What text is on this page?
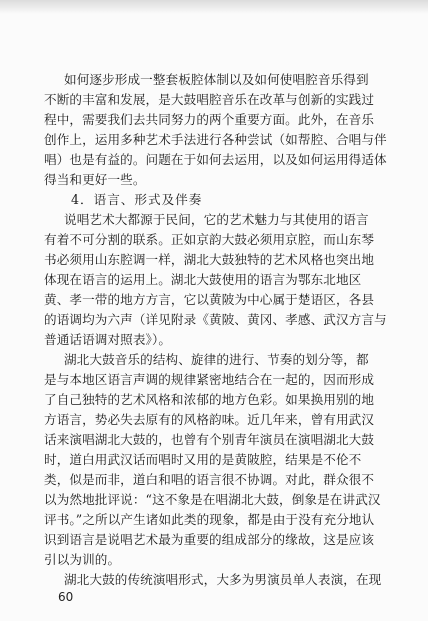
如何逐步形成一整套板腔体制以及如何使唱腔音乐得到
不断的丰富和发展，是大鼓唱腔音乐在改革与创新的实践过
程中，需要我们去共同努力的两个重要方面。此外，在音乐
创作上，运用多种艺术手法进行各种尝试（如帮腔、合唱与伴
唱）也是有益的。问题在于如何去运用，以及如何运用得适体
得当和更好一些。
4．语言、形式及伴奏
说唱艺术大都源于民间，它的艺术魅力与其使用的语言
有着不可分割的联系。正如京韵大鼓必须用京腔，而山东琴
书必须用山东腔调一样，湖北大鼓独特的艺术风格也突出地
体现在语言的运用上。湖北大鼓使用的语言为鄂东北地区
黄、孝一带的地方方言，它以黄陂为中心属于楚语区，各县
的语调均为六声（详见附录《黄陂、黄冈、孝感、武汉方言与
普通话语调对照表》）。
湖北大鼓音乐的结构、旋律的进行、节奏的划分等，都
是与本地区语言声调的规律紧密地结合在一起的，因而形成
了自己独特的艺术风格和浓郁的地方色彩。如果换用别的地
方语言，势必失去原有的风格韵味。近几年来，曾有用武汉
话来演唱湖北大鼓的，也曾有个别青年演员在演唱湖北大鼓
时，道白用武汉话而唱时又用的是黄陂腔，结果是不伦不
类，似是而非，道白和唱的语言很不协调。对此，群众很不
以为然地批评说：“这不象是在唱湖北大鼓，倒象是在讲武汉
评书。”之所以产生诸如此类的现象，都是由于没有充分地认
识到语言是说唱艺术最为重要的组成部分的缘故，这是应该
引以为训的。
湖北大鼓的传统演唱形式，大多为男演员单人表演，在现
60
